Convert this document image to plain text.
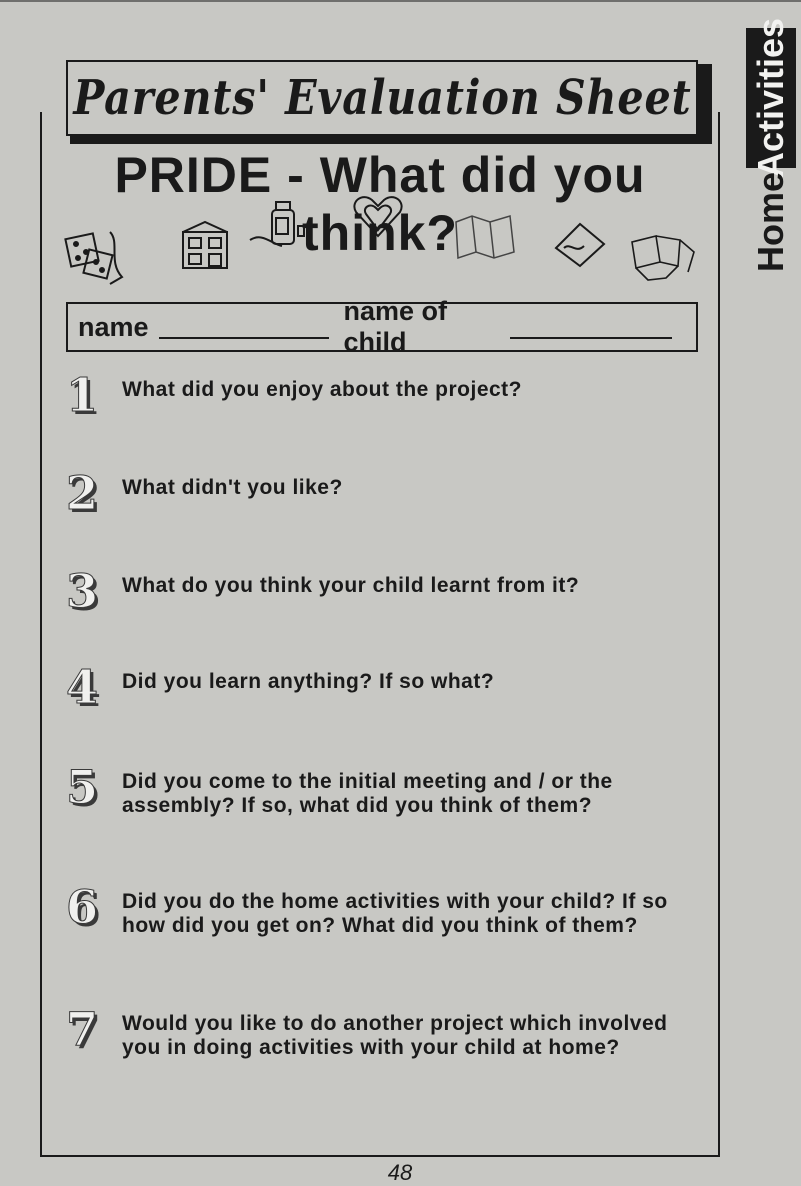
Parents' Evaluation Sheet
PRIDE - What did you think?
name
name of child
1	What did you enjoy about the project?
2	What didn't you like?
3	What do you think your child learnt from it?
4	Did you learn anything? If so what?
5	Did you come to the initial meeting and / or the assembly? If so, what did you think of them?
6	Did you do the home activities with your child? If so how did you get on? What did you think of them?
7	Would you like to do another project which involved you in doing activities with your child at home?
48
Activities
Home
